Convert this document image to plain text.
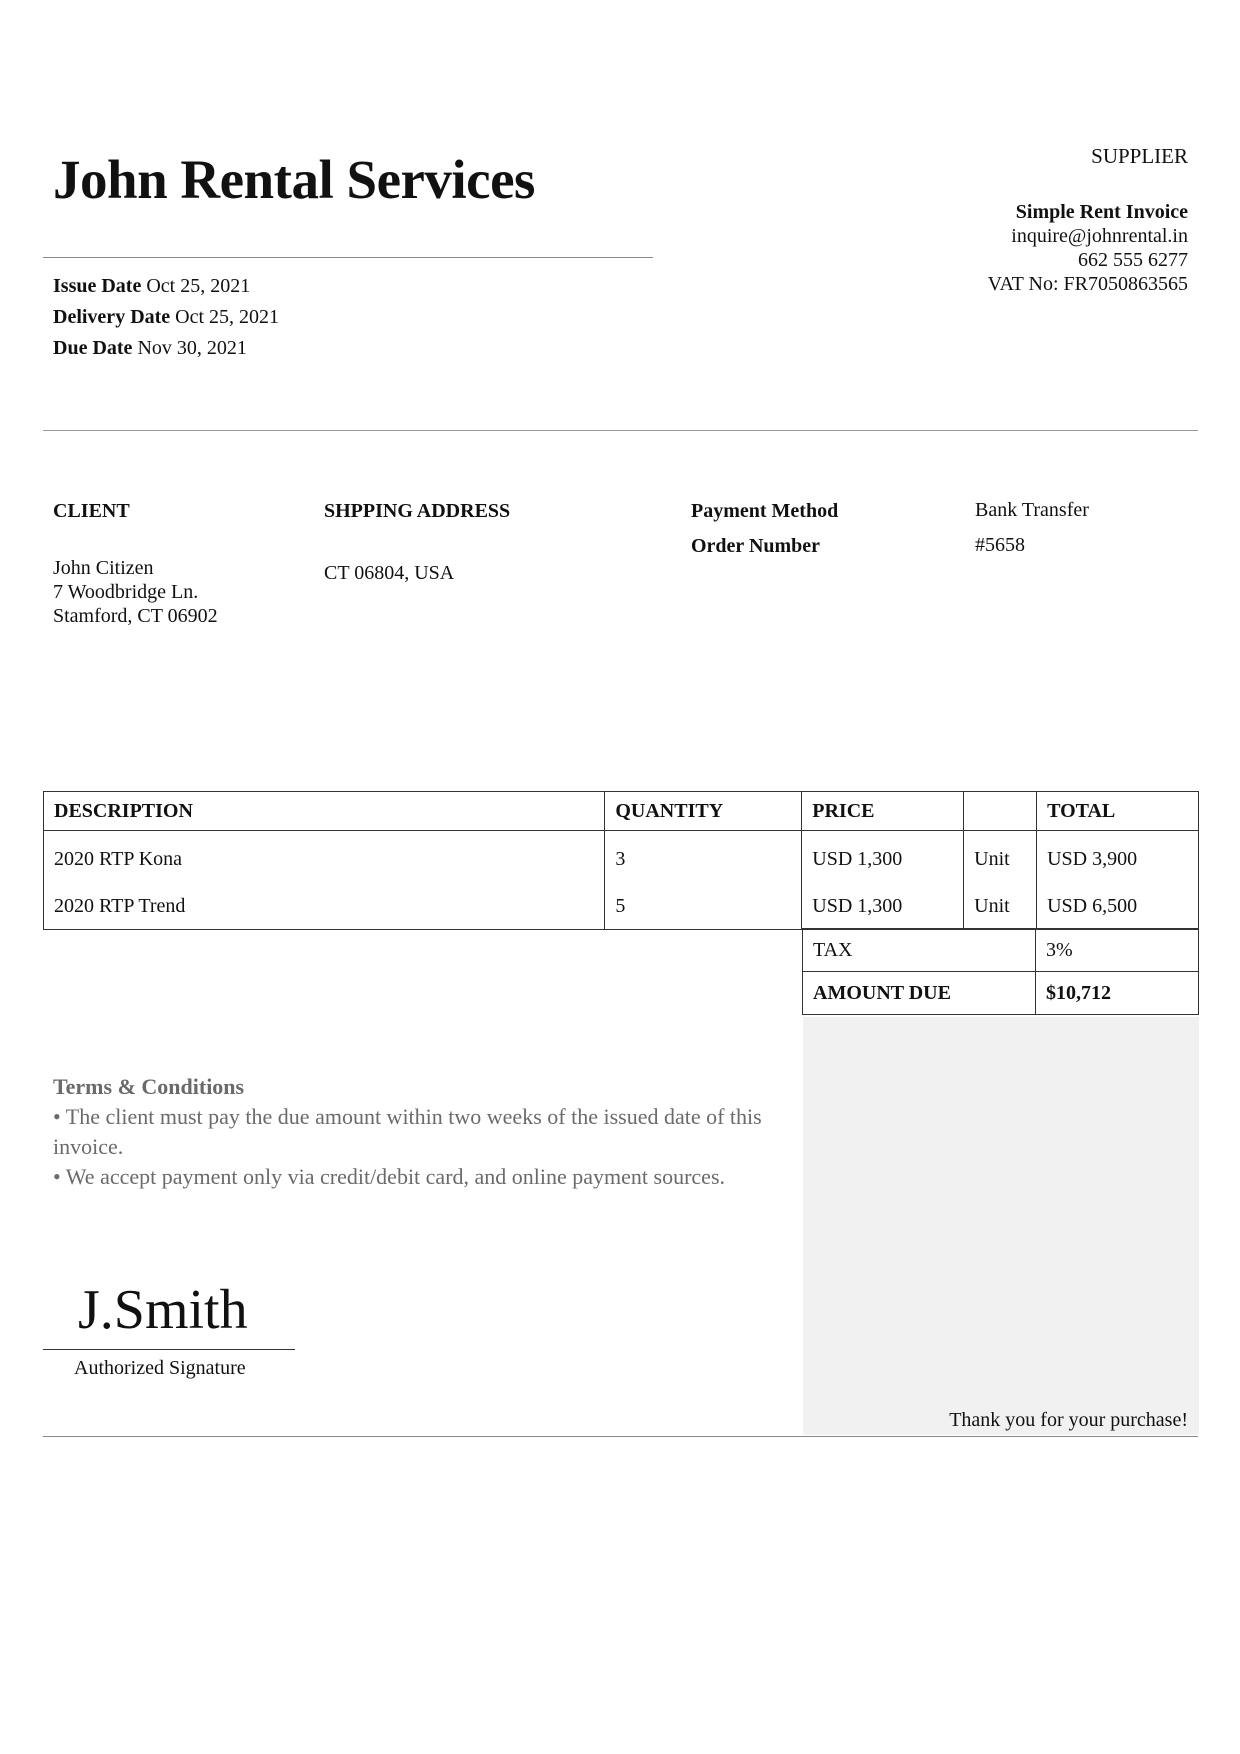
John Rental Services
Issue Date Oct 25, 2021
Delivery Date Oct 25, 2021
Due Date Nov 30, 2021
SUPPLIER
Simple Rent Invoice
inquire@johnrental.in
662 555 6277
VAT No: FR7050863565
CLIENT
John Citizen
7 Woodbridge Ln.
Stamford, CT 06902
SHPPING ADDRESS
CT 06804, USA
Payment Method	Bank Transfer
Order Number	#5658
DESCRIPTION	QUANTITY	PRICE		TOTAL
2020 RTP Kona	3	USD 1,300	Unit	USD 3,900
2020 RTP Trend	5	USD 1,300	Unit	USD 6,500
TAX	3%
AMOUNT DUE	$10,712
Terms & Conditions
• The client must pay the due amount within two weeks of the issued date of this invoice.
• We accept payment only via credit/debit card, and online payment sources.
J.Smith
Authorized Signature
Thank you for your purchase!
